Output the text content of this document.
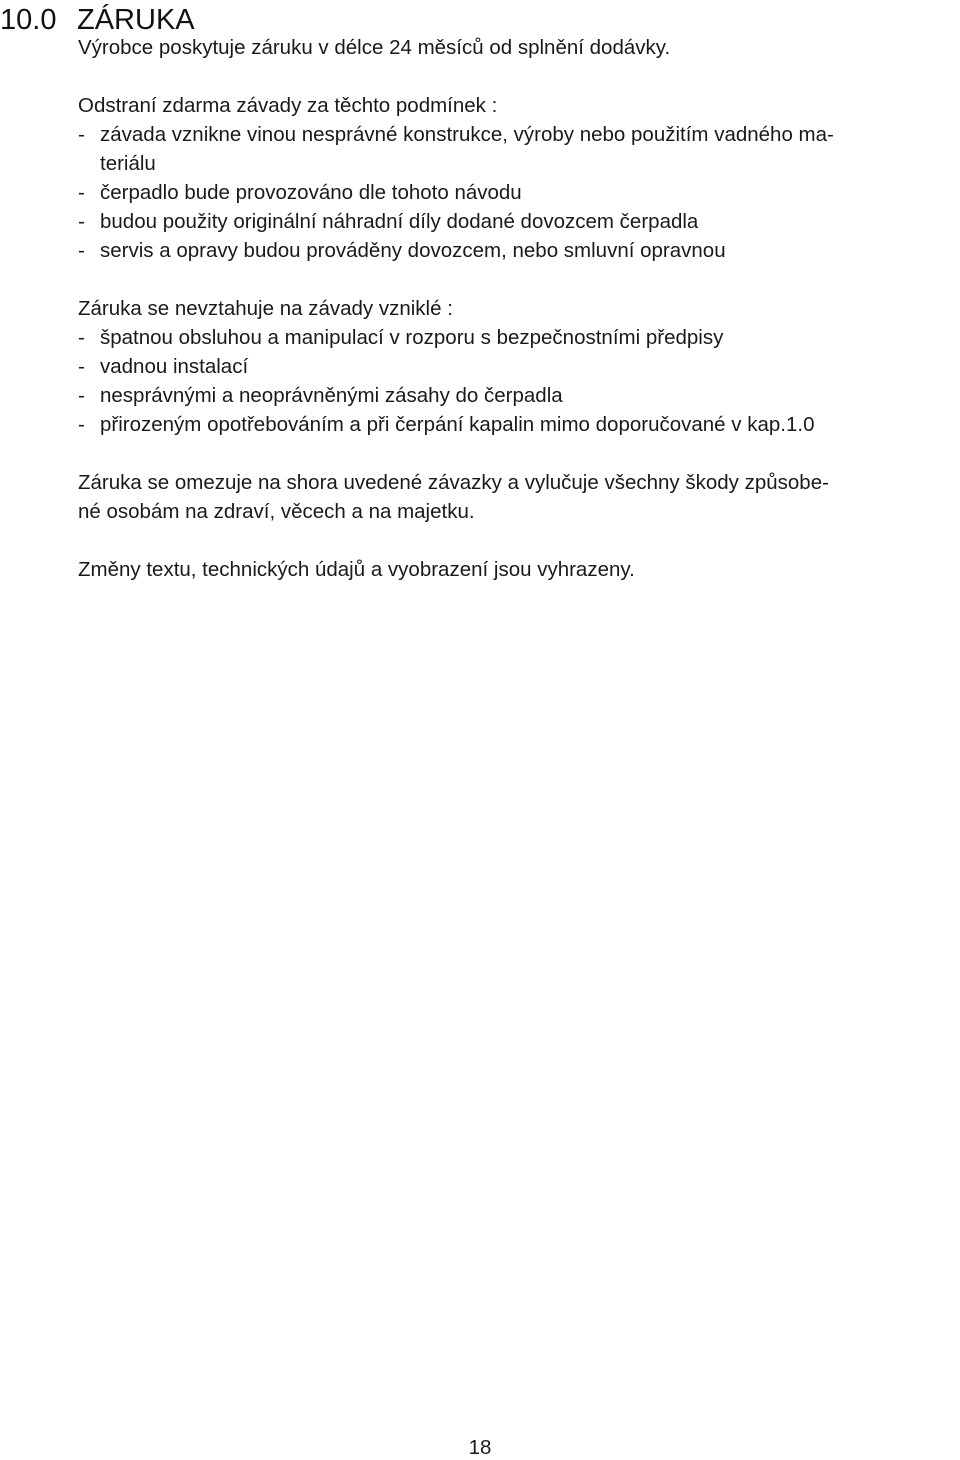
10.0 ZÁRUKA

Výrobce poskytuje záruku v délce 24 měsíců od splnění dodávky.

Odstraní zdarma závady za těchto podmínek :

- závada vznikne vinou nesprávné konstrukce, výroby nebo použitím vadného ma-
teriálu
- čerpadlo bude provozováno dle tohoto návodu
- budou použity originální náhradní díly dodané dovozcem čerpadla
- servis a opravy budou prováděny dovozcem, nebo smluvní opravnou

Záruka se nevztahuje na závady vzniklé :

- špatnou obsluhou a manipulací v rozporu s bezpečnostními předpisy
- vadnou instalací
- nesprávnými a neoprávněnými zásahy do čerpadla
- přirozeným opotřebováním a při čerpání kapalin mimo doporučované v kap.1.0

Záruka se omezuje na shora uvedené závazky a vylučuje všechny škody způsobe-

né osobám na zdraví, věcech a na majetku.

Změny textu, technických údajů a vyobrazení jsou vyhrazeny.

18
